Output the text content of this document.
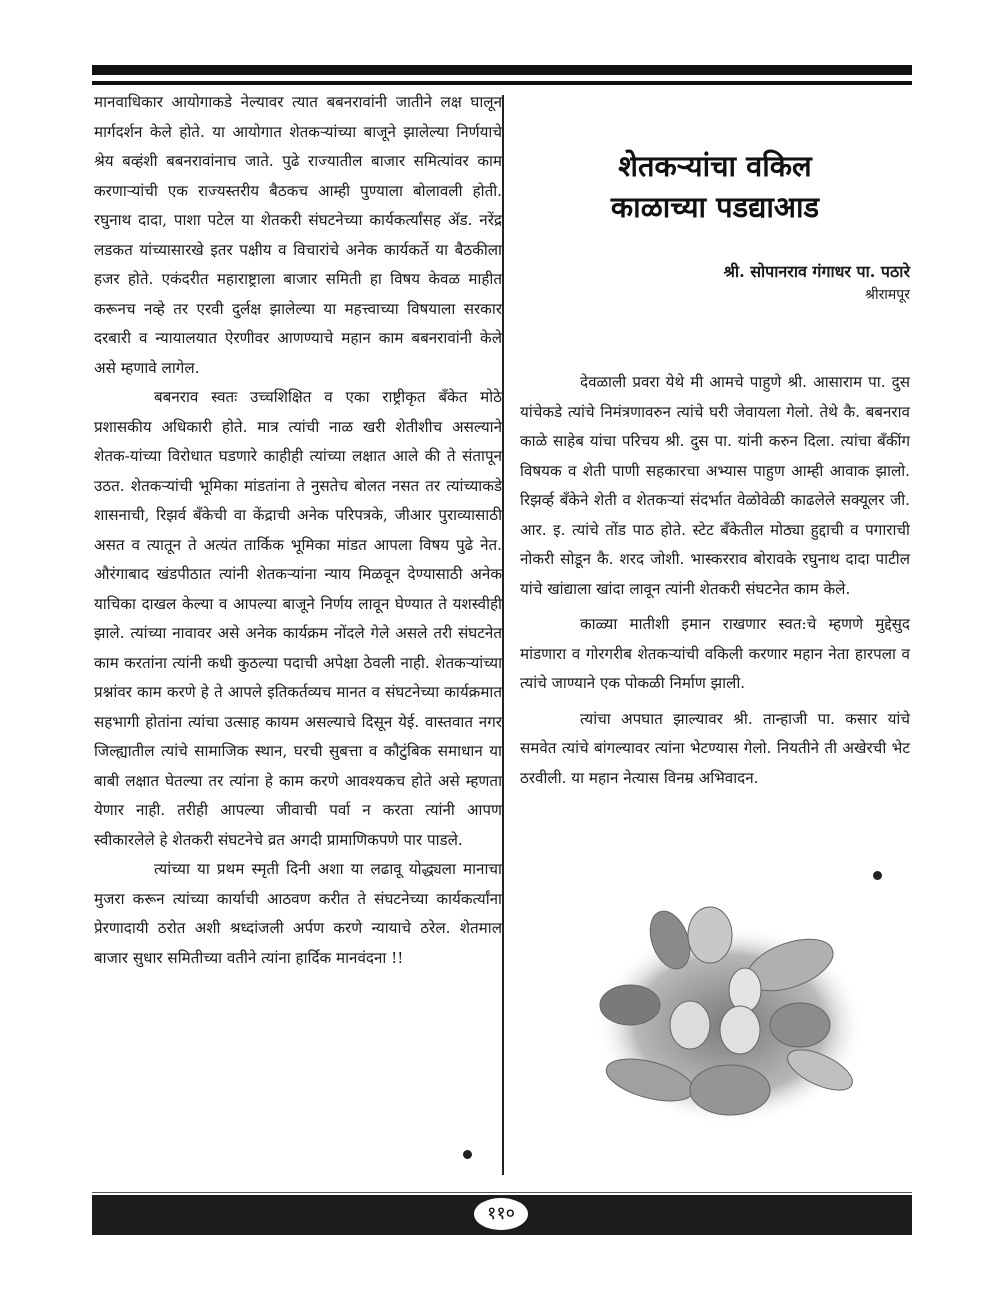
मानवाधिकार आयोगाकडे नेल्यावर त्यात बबनरावांनी जातीने लक्ष घालून मार्गदर्शन केले होते. या आयोगात शेतकऱ्यांच्या बाजूने झालेल्या निर्णयाचे श्रेय बव्हंशी बबनरावांनाच जाते. पुढे राज्यातील बाजार समित्यांवर काम करणाऱ्यांची एक राज्यस्तरीय बैठकच आम्ही पुण्याला बोलावली होती. रघुनाथ दादा, पाशा पटेल या शेतकरी संघटनेच्या कार्यकर्त्यांसह ॲड. नरेंद्र लडकत यांच्यासारखे इतर पक्षीय व विचारांचे अनेक कार्यकर्ते या बैठकीला हजर होते. एकंदरीत महाराष्ट्राला बाजार समिती हा विषय केवळ माहीत करूनच नव्हे तर एरवी दुर्लक्ष झालेल्या या महत्त्वाच्या विषयाला सरकार दरबारी व न्यायालयात ऐरणीवर आणण्याचे महान काम बबनरावांनी केले असे म्हणावे लागेल.

बबनराव स्वतः उच्चशिक्षित व एका राष्ट्रीकृत बँकेत मोठे प्रशासकीय अधिकारी होते. मात्र त्यांची नाळ खरी शेतीशीच असल्याने शेतक-यांच्या विरोधात घडणारे काहीही त्यांच्या लक्षात आले की ते संतापून उठत. शेतकऱ्यांची भूमिका मांडतांना ते नुसतेच बोलत नसत तर त्यांच्याकडे शासनाची, रिझर्व बँकेची वा केंद्राची अनेक परिपत्रके, जीआर पुराव्यासाठी असत व त्यातून ते अत्यंत तार्किक भूमिका मांडत आपला विषय पुढे नेत. औरंगाबाद खंडपीठात त्यांनी शेतकऱ्यांना न्याय मिळवून देण्यासाठी अनेक याचिका दाखल केल्या व आपल्या बाजूने निर्णय लावून घेण्यात ते यशस्वीही झाले. त्यांच्या नावावर असे अनेक कार्यक्रम नोंदले गेले असले तरी संघटनेत काम करतांना त्यांनी कधी कुठल्या पदाची अपेक्षा ठेवली नाही. शेतकऱ्यांच्या प्रश्नांवर काम करणे हे ते आपले इतिकर्तव्यच मानत व संघटनेच्या कार्यक्रमात सहभागी होतांना त्यांचा उत्साह कायम असल्याचे दिसून येई. वास्तवात नगर जिल्ह्यातील त्यांचे सामाजिक स्थान, घरची सुबत्ता व कौटुंबिक समाधान या बाबी लक्षात घेतल्या तर त्यांना हे काम करणे आवश्यकच होते असे म्हणता येणार नाही. तरीही आपल्या जीवाची पर्वा न करता त्यांनी आपण स्वीकारलेले हे शेतकरी संघटनेचे व्रत अगदी प्रामाणिकपणे पार पाडले.

त्यांच्या या प्रथम स्मृती दिनी अशा या लढावू योद्ध्यला मानाचा मुजरा करून त्यांच्या कार्याची आठवण करीत ते संघटनेच्या कार्यकर्त्यांना प्रेरणादायी ठरोत अशी श्रध्दांजली अर्पण करणे न्यायाचे ठरेल. शेतमाल बाजार सुधार समितीच्या वतीने त्यांना हार्दिक मानवंदना !!

शेतकऱ्यांचा वकिल
काळाच्या पडद्याआड
श्री. सोपानराव गंगाधर पा. पठारे
श्रीरामपूर

देवळाली प्रवरा येथे मी आमचे पाहुणे श्री. आसाराम पा. दुस यांचेकडे त्यांचे निमंत्रणावरुन त्यांचे घरी जेवायला गेलो. तेथे कै. बबनराव काळे साहेब यांचा परिचय श्री. दुस पा. यांनी करुन दिला. त्यांचा बँकींग विषयक व शेती पाणी सहकारचा अभ्यास पाहुण आम्ही आवाक झालो. रिझर्व्ह बँकेने शेती व शेतकऱ्यां संदर्भात वेळोवेळी काढलेले सक्यूलर जी. आर. इ. त्यांचे तोंड पाठ होते. स्टेट बँकेतील मोठ्या हुद्दाची व पगाराची नोकरी सोडून कै. शरद जोशी. भास्करराव बोरावके रघुनाथ दादा पाटील यांचे खांद्याला खांदा लावून त्यांनी शेतकरी संघटनेत काम केले.

काळ्या मातीशी इमान राखणार स्वत:चे म्हणणे मुद्देसुद मांडणारा व गोरगरीब शेतकऱ्यांची वकिली करणार महान नेता हारपला व त्यांचे जाण्याने एक पोकळी निर्माण झाली.

त्यांचा अपघात झाल्यावर श्री. तान्हाजी पा. कसार यांचे समवेत त्यांचे बांगल्यावर त्यांना भेटण्यास गेलो. नियतीने ती अखेरची भेट ठरवीली. या महान नेत्यास विनम्र अभिवादन.

११०
